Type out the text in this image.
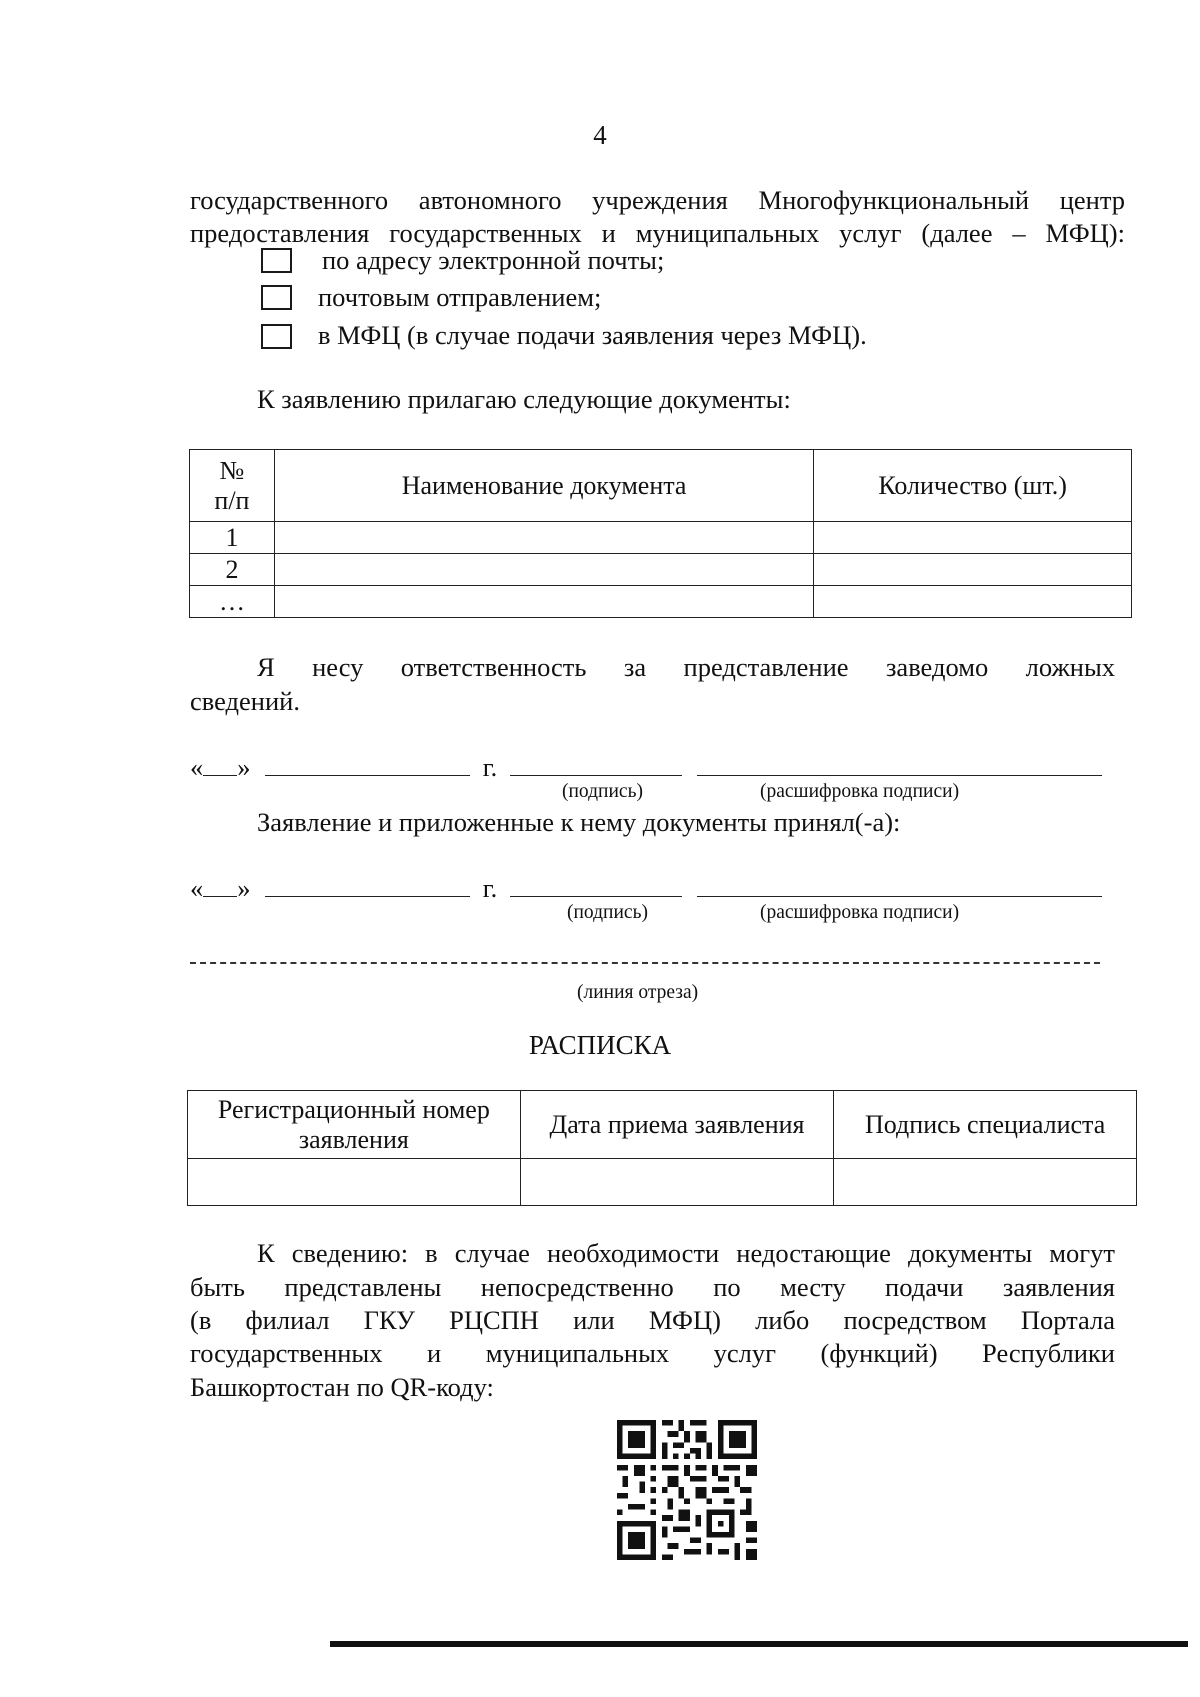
4
государственного автономного учреждения Многофункциональный центр
предоставления государственных и муниципальных услуг (далее – МФЦ):
по адресу электронной почты;
почтовым отправлением;
в МФЦ (в случае подачи заявления через МФЦ).
К заявлению прилагаю следующие документы:
№
п/п	Наименование документа	Количество (шт.)
1		
2		
…		
Я несу ответственность за представление заведомо ложных
сведений.
« »	г.
(подпись)	(расшифровка подписи)
Заявление и приложенные к нему документы принял(-а):
« »	г.
(подпись)	(расшифровка подписи)
(линия отреза)
РАСПИСКА
Регистрационный номер
заявления	Дата приема заявления	Подпись специалиста

К сведению: в случае необходимости недостающие документы могут
быть представлены непосредственно по месту подачи заявления
(в филиал ГКУ РЦСПН или МФЦ) либо посредством Портала
государственных и муниципальных услуг (функций) Республики
Башкортостан по QR-коду:
